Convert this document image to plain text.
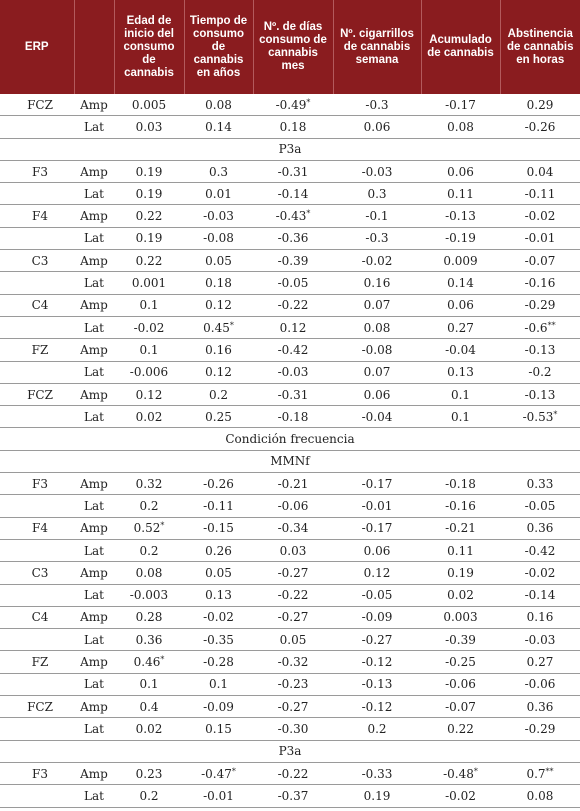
ERP		Edad de inicio del consumo de cannabis	Tiempo de consumo de cannabis en años	Nº. de días consumo de cannabis mes	Nº. cigarrillos de cannabis semana	Acumulado de cannabis	Abstinencia de cannabis en horas
FCZ	Amp	0.005	0.08	-0.49*	-0.3	-0.17	0.29
	Lat	0.03	0.14	0.18	0.06	0.08	-0.26
P3a							
F3	Amp	0.19	0.3	-0.31	-0.03	0.06	0.04
	Lat	0.19	0.01	-0.14	0.3	0.11	-0.11
F4	Amp	0.22	-0.03	-0.43*	-0.1	-0.13	-0.02
	Lat	0.19	-0.08	-0.36	-0.3	-0.19	-0.01
C3	Amp	0.22	0.05	-0.39	-0.02	0.009	-0.07
	Lat	0.001	0.18	-0.05	0.16	0.14	-0.16
C4	Amp	0.1	0.12	-0.22	0.07	0.06	-0.29
	Lat	-0.02	0.45*	0.12	0.08	0.27	-0.6**
FZ	Amp	0.1	0.16	-0.42	-0.08	-0.04	-0.13
	Lat	-0.006	0.12	-0.03	0.07	0.13	-0.2
FCZ	Amp	0.12	0.2	-0.31	0.06	0.1	-0.13
	Lat	0.02	0.25	-0.18	-0.04	0.1	-0.53*
Condición frecuencia							
MMNf							
F3	Amp	0.32	-0.26	-0.21	-0.17	-0.18	0.33
	Lat	0.2	-0.11	-0.06	-0.01	-0.16	-0.05
F4	Amp	0.52*	-0.15	-0.34	-0.17	-0.21	0.36
	Lat	0.2	0.26	0.03	0.06	0.11	-0.42
C3	Amp	0.08	0.05	-0.27	0.12	0.19	-0.02
	Lat	-0.003	0.13	-0.22	-0.05	0.02	-0.14
C4	Amp	0.28	-0.02	-0.27	-0.09	0.003	0.16
	Lat	0.36	-0.35	0.05	-0.27	-0.39	-0.03
FZ	Amp	0.46*	-0.28	-0.32	-0.12	-0.25	0.27
	Lat	0.1	0.1	-0.23	-0.13	-0.06	-0.06
FCZ	Amp	0.4	-0.09	-0.27	-0.12	-0.07	0.36
	Lat	0.02	0.15	-0.30	0.2	0.22	-0.29
P3a							
F3	Amp	0.23	-0.47*	-0.22	-0.33	-0.48*	0.7**
	Lat	0.2	-0.01	-0.37	0.19	-0.02	0.08
